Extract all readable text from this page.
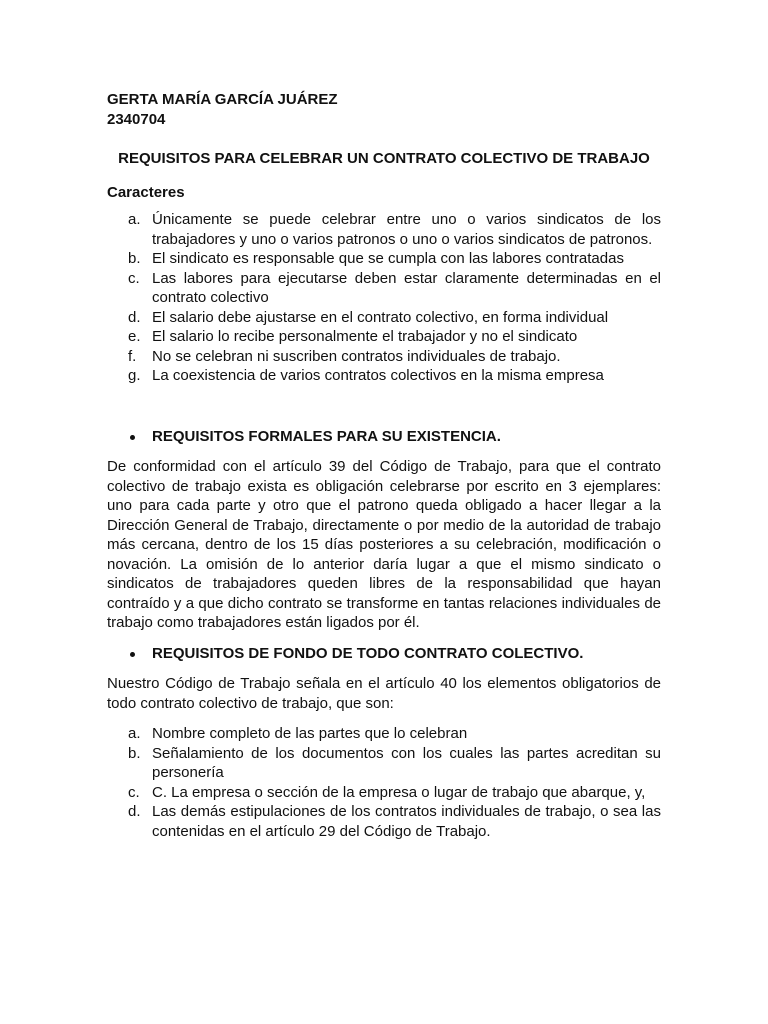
GERTA MARÍA GARCÍA JUÁREZ
2340704
REQUISITOS PARA CELEBRAR UN CONTRATO COLECTIVO DE TRABAJO
Caracteres
a. Únicamente se puede celebrar entre uno o varios sindicatos de los trabajadores y uno o varios patronos o uno o varios sindicatos de patronos.
b. El sindicato es responsable que se cumpla con las labores contratadas
c. Las labores para ejecutarse deben estar claramente determinadas en el contrato colectivo
d. El salario debe ajustarse en el contrato colectivo, en forma individual
e. El salario lo recibe personalmente el trabajador y no el sindicato
f. No se celebran ni suscriben contratos individuales de trabajo.
g. La coexistencia de varios contratos colectivos en la misma empresa
REQUISITOS FORMALES PARA SU EXISTENCIA.
De conformidad con el artículo 39 del Código de Trabajo, para que el contrato colectivo de trabajo exista es obligación celebrarse por escrito en 3 ejemplares: uno para cada parte y otro que el patrono queda obligado a hacer llegar a la Dirección General de Trabajo, directamente o por medio de la autoridad de trabajo más cercana, dentro de los 15 días posteriores a su celebración, modificación o novación. La omisión de lo anterior daría lugar a que el mismo sindicato o sindicatos de trabajadores queden libres de la responsabilidad que hayan contraído y a que dicho contrato se transforme en tantas relaciones individuales de trabajo como trabajadores están ligados por él.
REQUISITOS DE FONDO DE TODO CONTRATO COLECTIVO.
Nuestro Código de Trabajo señala en el artículo 40 los elementos obligatorios de todo contrato colectivo de trabajo, que son:
a. Nombre completo de las partes que lo celebran
b. Señalamiento de los documentos con los cuales las partes acreditan su personería
c. C. La empresa o sección de la empresa o lugar de trabajo que abarque, y,
d. Las demás estipulaciones de los contratos individuales de trabajo, o sea las contenidas en el artículo 29 del Código de Trabajo.
